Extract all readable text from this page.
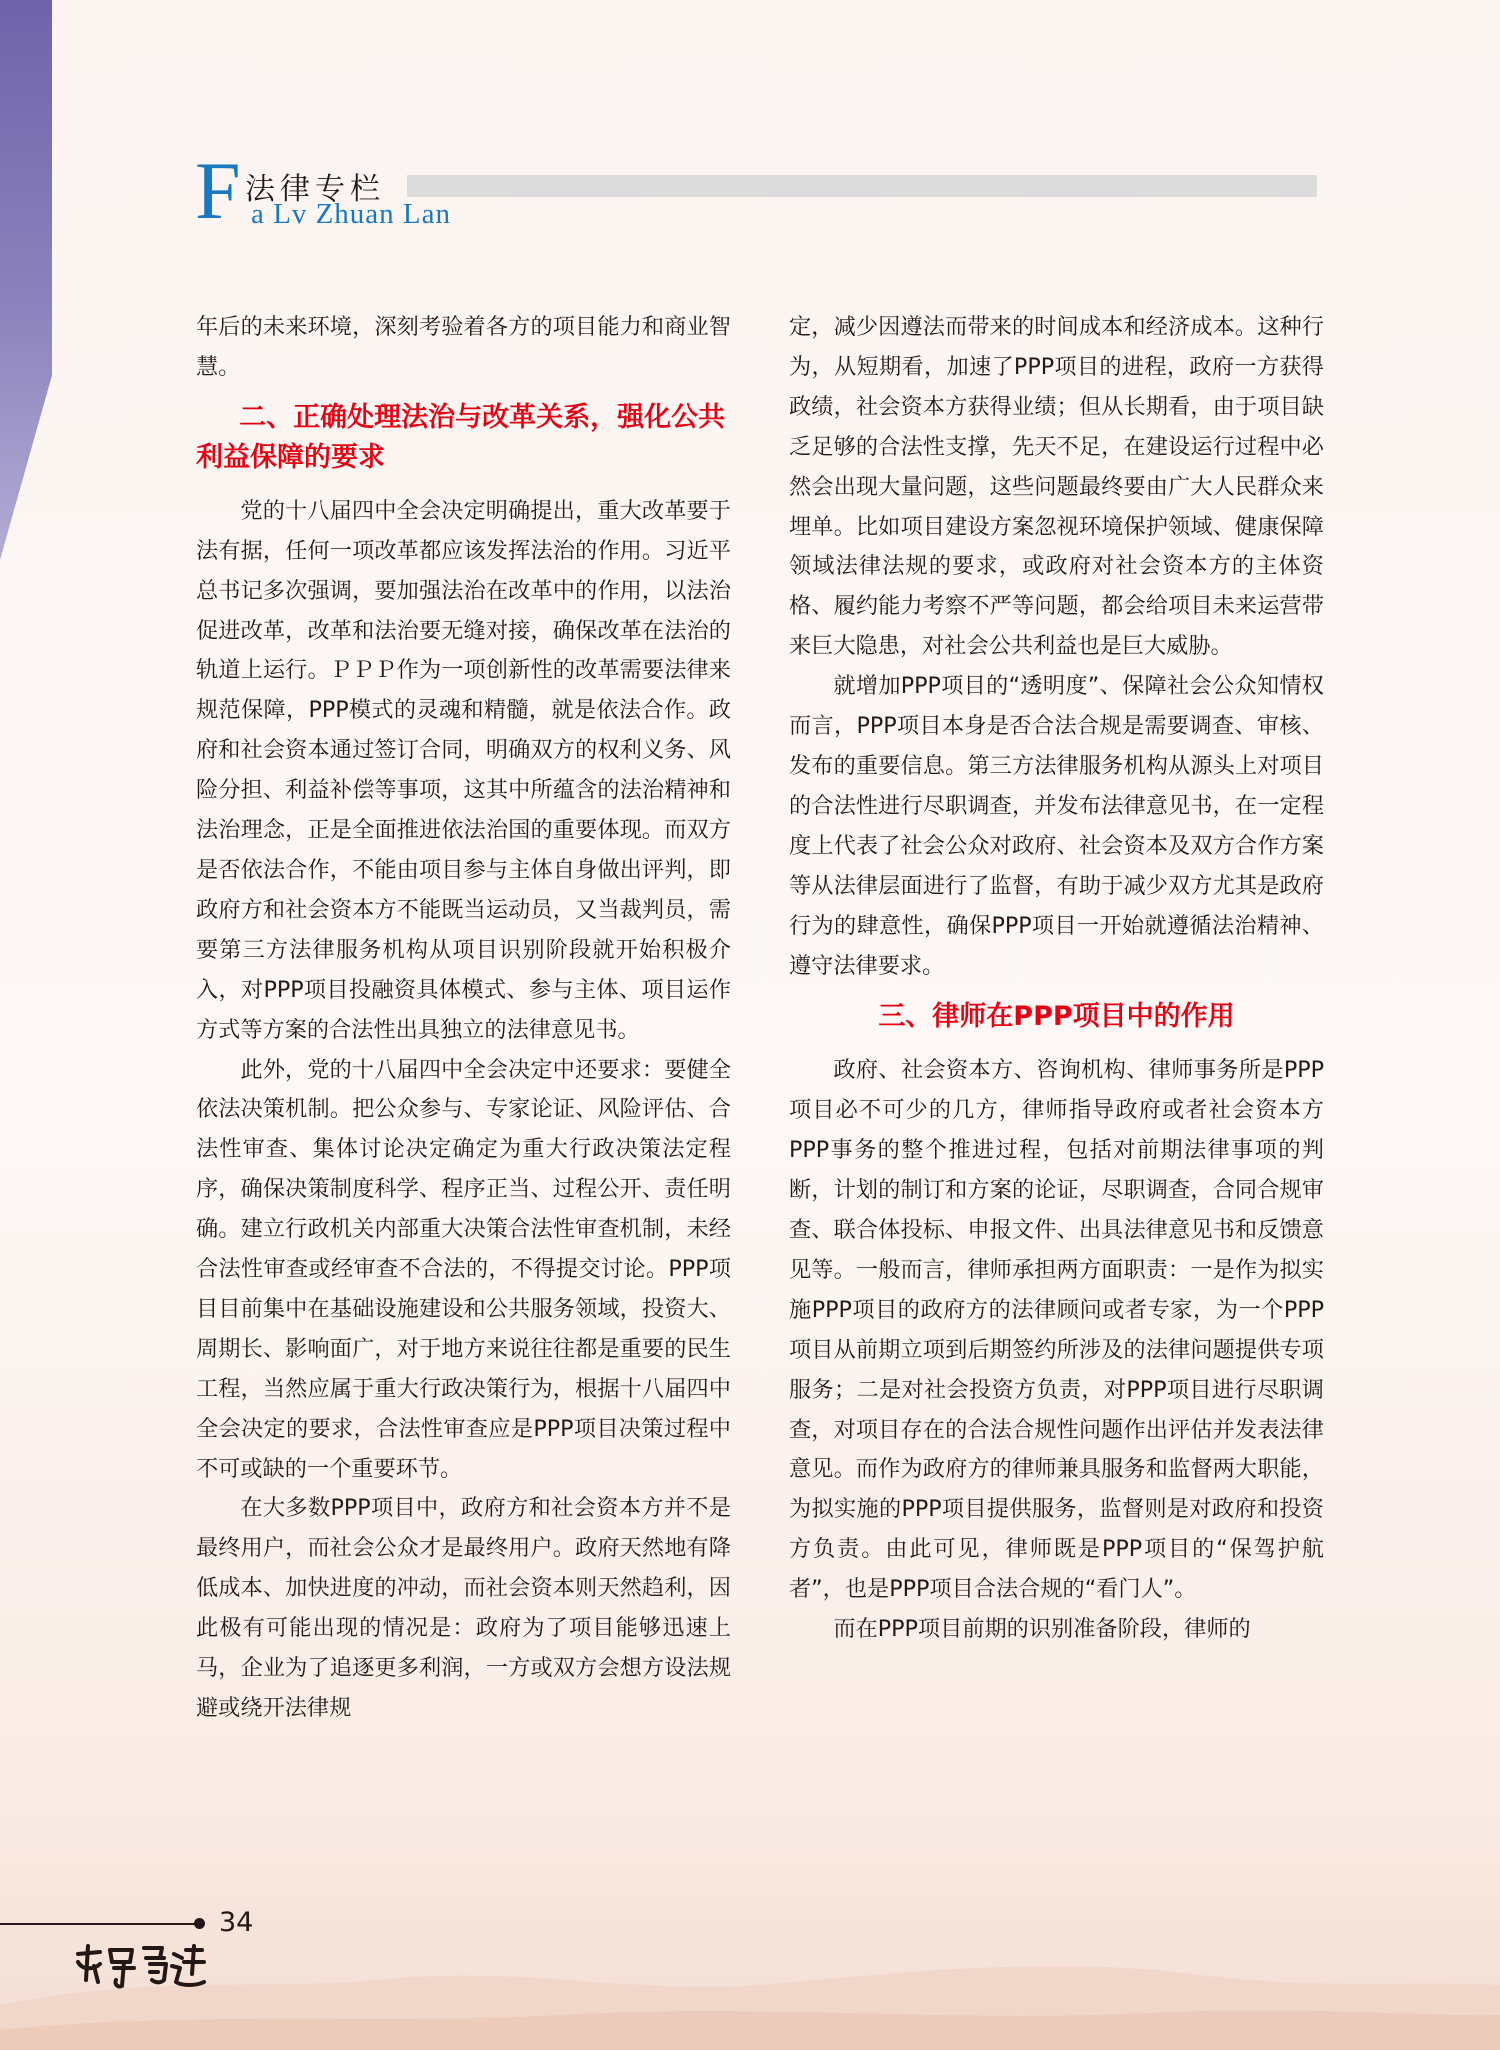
F 法律专栏
a Lv Zhuan Lan

年后的未来环境，深刻考验着各方的项目能力和商业智慧。

二、正确处理法治与改革关系，强化公共利益保障的要求

党的十八届四中全会决定明确提出，重大改革要于法有据，任何一项改革都应该发挥法治的作用。习近平总书记多次强调，要加强法治在改革中的作用，以法治促进改革，改革和法治要无缝对接，确保改革在法治的轨道上运行。ＰＰＰ作为一项创新性的改革需要法律来规范保障，PPP模式的灵魂和精髓，就是依法合作。政府和社会资本通过签订合同，明确双方的权利义务、风险分担、利益补偿等事项，这其中所蕴含的法治精神和法治理念，正是全面推进依法治国的重要体现。而双方是否依法合作，不能由项目参与主体自身做出评判，即政府方和社会资本方不能既当运动员，又当裁判员，需要第三方法律服务机构从项目识别阶段就开始积极介入，对PPP项目投融资具体模式、参与主体、项目运作方式等方案的合法性出具独立的法律意见书。

此外，党的十八届四中全会决定中还要求：要健全依法决策机制。把公众参与、专家论证、风险评估、合法性审查、集体讨论决定确定为重大行政决策法定程序，确保决策制度科学、程序正当、过程公开、责任明确。建立行政机关内部重大决策合法性审查机制，未经合法性审查或经审查不合法的，不得提交讨论。PPP项目目前集中在基础设施建设和公共服务领域，投资大、周期长、影响面广，对于地方来说往往都是重要的民生工程，当然应属于重大行政决策行为，根据十八届四中全会决定的要求，合法性审查应是PPP项目决策过程中不可或缺的一个重要环节。

在大多数PPP项目中，政府方和社会资本方并不是最终用户，而社会公众才是最终用户。政府天然地有降低成本、加快进度的冲动，而社会资本则天然趋利，因此极有可能出现的情况是：政府为了项目能够迅速上马，企业为了追逐更多利润，一方或双方会想方设法规避或绕开法律规

定，减少因遵法而带来的时间成本和经济成本。这种行为，从短期看，加速了PPP项目的进程，政府一方获得政绩，社会资本方获得业绩；但从长期看，由于项目缺乏足够的合法性支撑，先天不足，在建设运行过程中必然会出现大量问题，这些问题最终要由广大人民群众来埋单。比如项目建设方案忽视环境保护领域、健康保障领域法律法规的要求，或政府对社会资本方的主体资格、履约能力考察不严等问题，都会给项目未来运营带来巨大隐患，对社会公共利益也是巨大威胁。

就增加PPP项目的“透明度”、保障社会公众知情权而言，PPP项目本身是否合法合规是需要调查、审核、发布的重要信息。第三方法律服务机构从源头上对项目的合法性进行尽职调查，并发布法律意见书，在一定程度上代表了社会公众对政府、社会资本及双方合作方案等从法律层面进行了监督，有助于减少双方尤其是政府行为的肆意性，确保PPP项目一开始就遵循法治精神、遵守法律要求。

三、律师在PPP项目中的作用

政府、社会资本方、咨询机构、律师事务所是PPP项目必不可少的几方，律师指导政府或者社会资本方PPP事务的整个推进过程，包括对前期法律事项的判断，计划的制订和方案的论证，尽职调查，合同合规审查、联合体投标、申报文件、出具法律意见书和反馈意见等。一般而言，律师承担两方面职责：一是作为拟实施PPP项目的政府方的法律顾问或者专家，为一个PPP项目从前期立项到后期签约所涉及的法律问题提供专项服务；二是对社会投资方负责，对PPP项目进行尽职调查，对项目存在的合法合规性问题作出评估并发表法律意见。而作为政府方的律师兼具服务和监督两大职能，为拟实施的PPP项目提供服务，监督则是对政府和投资方负责。由此可见，律师既是PPP项目的“保驾护航者”，也是PPP项目合法合规的“看门人”。

而在PPP项目前期的识别准备阶段，律师的

34
